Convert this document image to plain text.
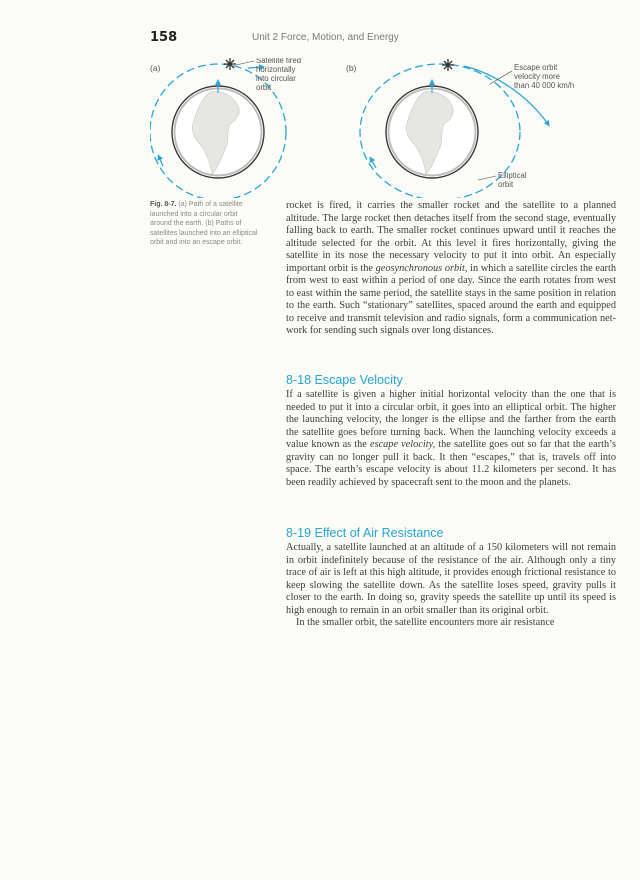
158	Unit 2 Force, Motion, and Energy
(a)
Satellite fired
horizontally
into circular
orbit
(b)	Escape orbit
velocity more
than 40 000 km/h
Elliptical
orbit
Fig. 8-7. (a) Path of a satellite launched into a circular orbit around the earth. (b) Paths of satellites launched into an elliptical orbit and into an escape orbit.

rocket is fired, it carries the smaller rocket and the satellite to a planned altitude. The large rocket then detaches itself from the second stage, eventually falling back to earth. The smaller rocket continues upward until it reaches the altitude selected for the orbit. At this level it fires horizontally, giving the satellite in its nose the necessary velocity to put it into orbit. An especially important orbit is the geosynchronous orbit, in which a satellite circles the earth from west to east within a period of one day. Since the earth rotates from west to east within the same period, the satellite stays in the same position in relation to the earth. Such “stationary” satellites, spaced around the earth and equipped to receive and transmit television and radio signals, form a communication net-work for sending such signals over long distances.

8-18 Escape Velocity

If a satellite is given a higher initial horizontal velocity than the one that is needed to put it into a circular orbit, it goes into an elliptical orbit. The higher the launching velocity, the longer is the ellipse and the farther from the earth the satellite goes before turning back. When the launching velocity exceeds a value known as the escape velocity, the satellite goes out so far that the earth’s gravity can no longer pull it back. It then “escapes,” that is, travels off into space. The earth’s escape velocity is about 11.2 kilometers per second. It has been readily achieved by spacecraft sent to the moon and the planets.

8-19 Effect of Air Resistance

Actually, a satellite launched at an altitude of a 150 kilometers will not remain in orbit indefinitely because of the resistance of the air. Although only a tiny trace of air is left at this high altitude, it provides enough frictional resistance to keep slowing the satellite down. As the satellite loses speed, gravity pulls it closer to the earth. In doing so, gravity speeds the satellite up until its speed is high enough to remain in an orbit smaller than its original orbit.

In the smaller orbit, the satellite encounters more air resistance
